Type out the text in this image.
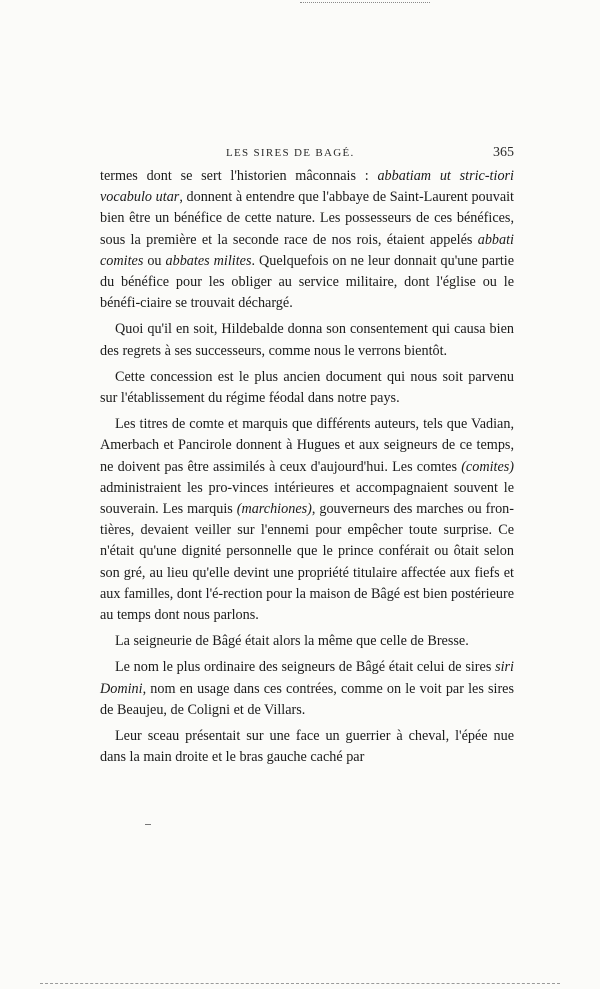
LES SIRES DE BAGÉ.	365

termes dont se sert l'historien mâconnais : abbatiam ut stric-tiori vocabulo utar, donnent à entendre que l'abbaye de Saint-Laurent pouvait bien être un bénéfice de cette nature. Les possesseurs de ces bénéfices, sous la première et la seconde race de nos rois, étaient appelés abbati comites ou abbates milites. Quelquefois on ne leur donnait qu'une partie du bénéfice pour les obliger au service militaire, dont l'église ou le bénéfi-ciaire se trouvait déchargé.

Quoi qu'il en soit, Hildebalde donna son consentement qui causa bien des regrets à ses successeurs, comme nous le verrons bientôt.

Cette concession est le plus ancien document qui nous soit parvenu sur l'établissement du régime féodal dans notre pays.

Les titres de comte et marquis que différents auteurs, tels que Vadian, Amerbach et Pancirole donnent à Hugues et aux seigneurs de ce temps, ne doivent pas être assimilés à ceux d'aujourd'hui. Les comtes (comites) administraient les pro-vinces intérieures et accompagnaient souvent le souverain. Les marquis (marchiones), gouverneurs des marches ou fron-tières, devaient veiller sur l'ennemi pour empêcher toute surprise. Ce n'était qu'une dignité personnelle que le prince conférait ou ôtait selon son gré, au lieu qu'elle devint une propriété titulaire affectée aux fiefs et aux familles, dont l'é-rection pour la maison de Bâgé est bien postérieure au temps dont nous parlons.

La seigneurie de Bâgé était alors la même que celle de Bresse.

Le nom le plus ordinaire des seigneurs de Bâgé était celui de sires siri Domini, nom en usage dans ces contrées, comme on le voit par les sires de Beaujeu, de Coligni et de Villars.

Leur sceau présentait sur une face un guerrier à cheval, l'épée nue dans la main droite et le bras gauche caché par
